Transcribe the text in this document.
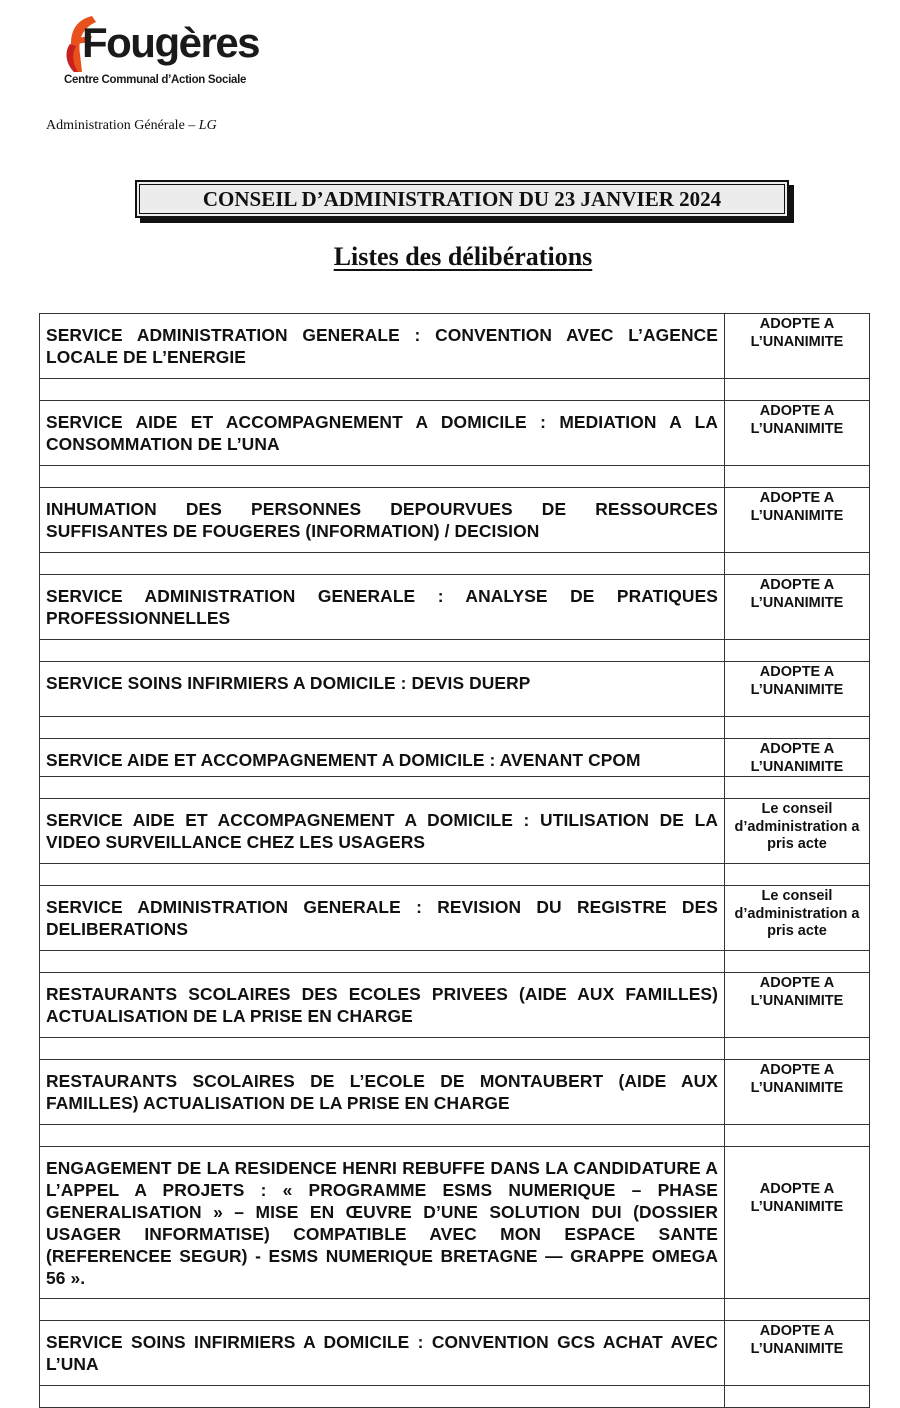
Fougères
Centre Communal d’Action Sociale
Administration Générale – LG
CONSEIL D’ADMINISTRATION DU 23 JANVIER 2024
Listes des délibérations
SERVICE ADMINISTRATION GENERALE : CONVENTION AVEC L’AGENCE LOCALE DE L’ENERGIE	ADOPTE A L’UNANIMITE

SERVICE AIDE ET ACCOMPAGNEMENT A DOMICILE : MEDIATION A LA CONSOMMATION DE L’UNA	ADOPTE A L’UNANIMITE

INHUMATION DES PERSONNES DEPOURVUES DE RESSOURCES SUFFISANTES DE FOUGERES (INFORMATION) / DECISION	ADOPTE A L’UNANIMITE

SERVICE ADMINISTRATION GENERALE : ANALYSE DE PRATIQUES PROFESSIONNELLES	ADOPTE A L’UNANIMITE

SERVICE SOINS INFIRMIERS A DOMICILE : DEVIS DUERP	ADOPTE A L’UNANIMITE

SERVICE AIDE ET ACCOMPAGNEMENT A DOMICILE : AVENANT CPOM	ADOPTE A L’UNANIMITE

SERVICE AIDE ET ACCOMPAGNEMENT A DOMICILE : UTILISATION DE LA VIDEO SURVEILLANCE CHEZ LES USAGERS	Le conseil d’administration a pris acte

SERVICE ADMINISTRATION GENERALE : REVISION DU REGISTRE DES DELIBERATIONS	Le conseil d’administration a pris acte

RESTAURANTS SCOLAIRES DES ECOLES PRIVEES (AIDE AUX FAMILLES) ACTUALISATION DE LA PRISE EN CHARGE	ADOPTE A L’UNANIMITE

RESTAURANTS SCOLAIRES DE L’ECOLE DE MONTAUBERT (AIDE AUX FAMILLES) ACTUALISATION DE LA PRISE EN CHARGE	ADOPTE A L’UNANIMITE

ENGAGEMENT DE LA RESIDENCE HENRI REBUFFE DANS LA CANDIDATURE A L’APPEL A PROJETS : « PROGRAMME ESMS NUMERIQUE – PHASE GENERALISATION » – MISE EN ŒUVRE D’UNE SOLUTION DUI (DOSSIER USAGER INFORMATISE) COMPATIBLE AVEC MON ESPACE SANTE (REFERENCEE SEGUR) - ESMS NUMERIQUE BRETAGNE — GRAPPE OMEGA 56 ».	ADOPTE A L’UNANIMITE

SERVICE SOINS INFIRMIERS A DOMICILE : CONVENTION GCS ACHAT AVEC L’UNA	ADOPTE A L’UNANIMITE
